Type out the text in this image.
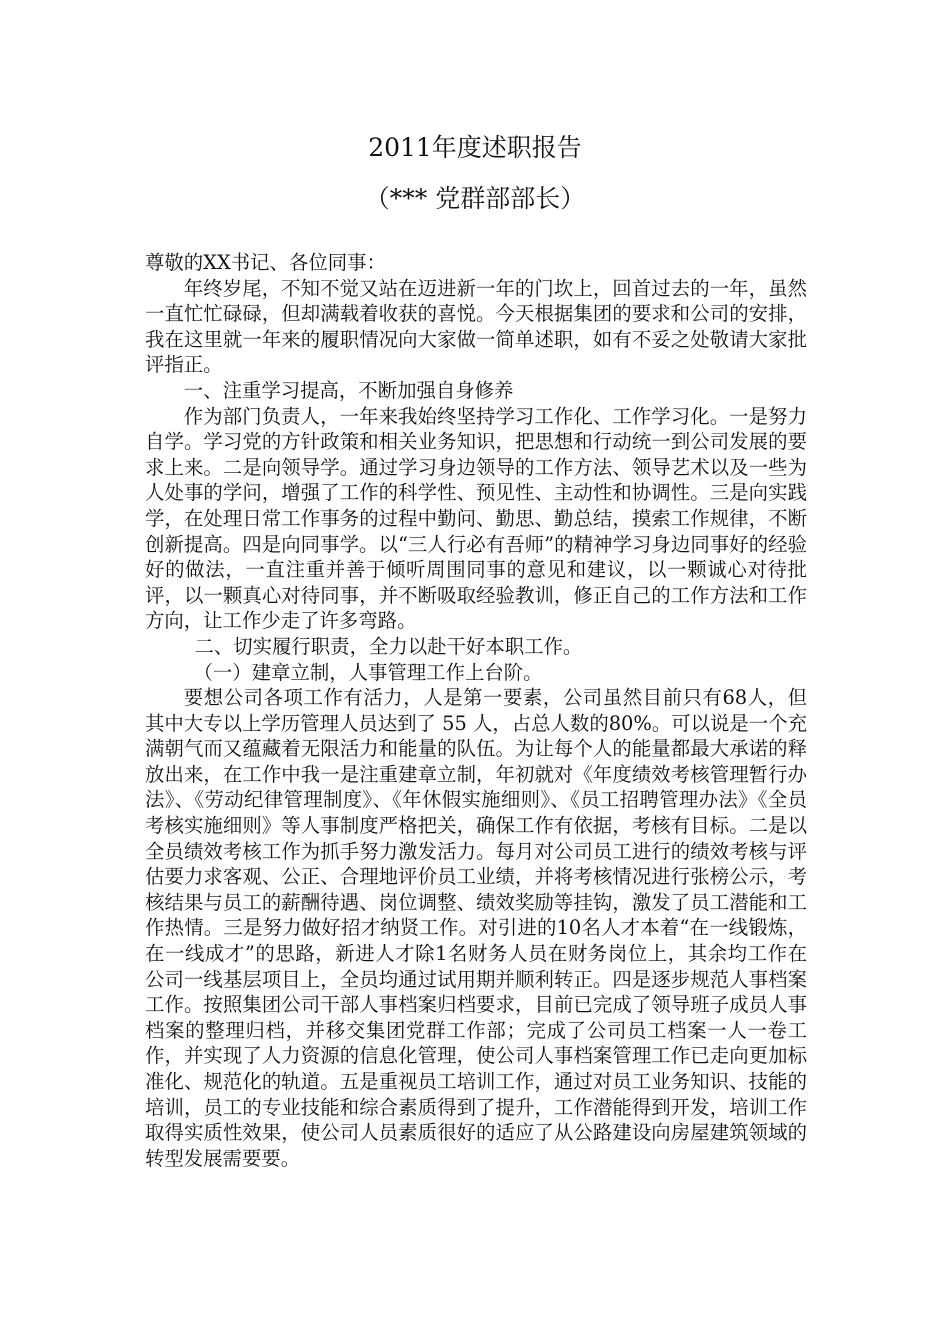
2011年度述职报告
（*** 党群部部长）

尊敬的XX书记、各位同事：

年终岁尾，不知不觉又站在迈进新一年的门坎上，回首过去的一年，虽然一直忙忙碌碌，但却满载着收获的喜悦。今天根据集团的要求和公司的安排，我在这里就一年来的履职情况向大家做一简单述职，如有不妥之处敬请大家批评指正。

一、注重学习提高，不断加强自身修养

作为部门负责人，一年来我始终坚持学习工作化、工作学习化。一是努力自学。学习党的方针政策和相关业务知识，把思想和行动统一到公司发展的要求上来。二是向领导学。通过学习身边领导的工作方法、领导艺术以及一些为人处事的学问，增强了工作的科学性、预见性、主动性和协调性。三是向实践学，在处理日常工作事务的过程中勤问、勤思、勤总结，摸索工作规律，不断创新提高。四是向同事学。以“三人行必有吾师”的精神学习身边同事好的经验好的做法，一直注重并善于倾听周围同事的意见和建议，以一颗诚心对待批评，以一颗真心对待同事，并不断吸取经验教训，修正自己的工作方法和工作方向，让工作少走了许多弯路。

二、切实履行职责，全力以赴干好本职工作。

（一）建章立制，人事管理工作上台阶。

要想公司各项工作有活力，人是第一要素，公司虽然目前只有68人，但其中大专以上学历管理人员达到了 55 人，占总人数的80%。可以说是一个充满朝气而又蕴藏着无限活力和能量的队伍。为让每个人的能量都最大承诺的释放出来，在工作中我一是注重建章立制，年初就对《年度绩效考核管理暂行办法》、《劳动纪律管理制度》、《年休假实施细则》、《员工招聘管理办法》《全员考核实施细则》等人事制度严格把关，确保工作有依据，考核有目标。二是以全员绩效考核工作为抓手努力激发活力。每月对公司员工进行的绩效考核与评估要力求客观、公正、合理地评价员工业绩，并将考核情况进行张榜公示，考核结果与员工的薪酬待遇、岗位调整、绩效奖励等挂钩，激发了员工潜能和工作热情。三是努力做好招才纳贤工作。对引进的10名人才本着“在一线锻炼，在一线成才”的思路，新进人才除1名财务人员在财务岗位上，其余均工作在公司一线基层项目上，全员均通过试用期并顺利转正。四是逐步规范人事档案工作。按照集团公司干部人事档案归档要求，目前已完成了领导班子成员人事档案的整理归档，并移交集团党群工作部；完成了公司员工档案一人一卷工作，并实现了人力资源的信息化管理，使公司人事档案管理工作已走向更加标准化、规范化的轨道。五是重视员工培训工作，通过对员工业务知识、技能的培训，员工的专业技能和综合素质得到了提升，工作潜能得到开发，培训工作取得实质性效果，使公司人员素质很好的适应了从公路建设向房屋建筑领域的转型发展需要要。
